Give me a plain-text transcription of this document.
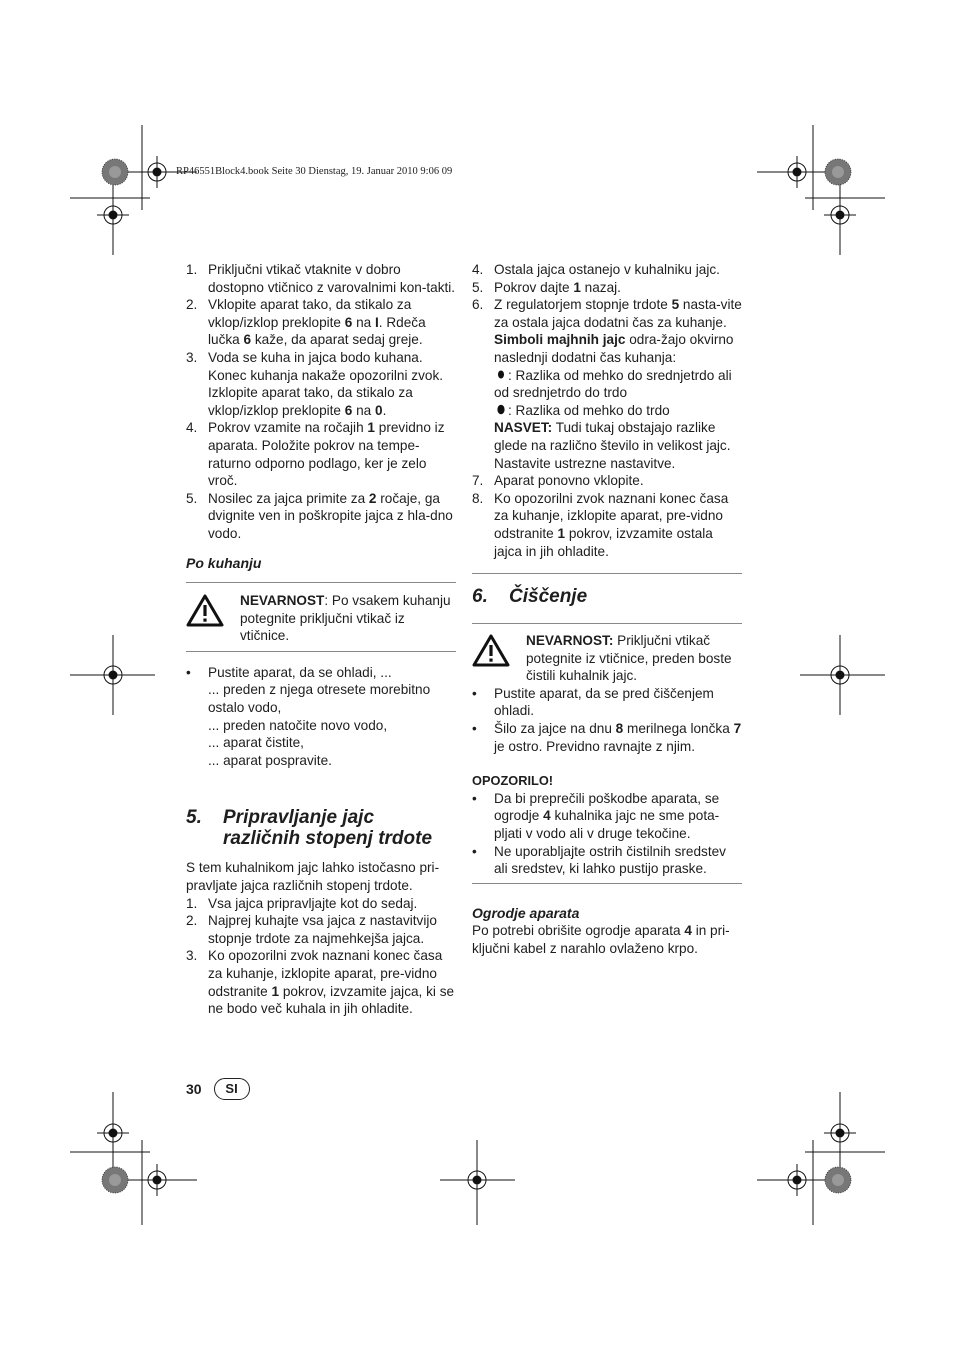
RP46551Block4.book Seite 30 Dienstag, 19. Januar 2010 9:06 09
1. Priključni vtikač vtaknite v dobro dostopno vtičnico z varovalnimi kon-takti.
2. Vklopite aparat tako, da stikalo za vklop/izklop preklopite 6 na I. Rdeča lučka 6 kaže, da aparat sedaj greje.
3. Voda se kuha in jajca bodo kuhana. Konec kuhanja nakaže opozorilni zvok. Izklopite aparat tako, da stikalo za vklop/izklop preklopite 6 na 0.
4. Pokrov vzamite na ročajih 1 previdno iz aparata. Položite pokrov na tempe-raturno odporno podlago, ker je zelo vroč.
5. Nosilec za jajca primite za 2 ročaje, ga dvignite ven in poškropite jajca z hla-dno vodo.

Po kuhanju

NEVARNOST: Po vsakem kuhanju potegnite priključni vtikač iz vtičnice.

• Pustite aparat, da se ohladi, ...

... preden z njega otresete morebitno ostalo vodo,

... preden natočite novo vodo,

... aparat čistite,

... aparat pospravite.

5. Pripravljanje jajc različnih stopenj trdote

S tem kuhalnikom jajc lahko istočasno pri-pravljate jajca različnih stopenj trdote.

1. Vsa jajca pripravljajte kot do sedaj.
2. Najprej kuhajte vsa jajca z nastavitvijo stopnje trdote za najmehkejša jajca.
3. Ko opozorilni zvok naznani konec časa za kuhanje, izklopite aparat, pre-vidno odstranite 1 pokrov, izvzamite jajca, ki se ne bodo več kuhala in jih ohladite.
4. Ostala jajca ostanejo v kuhalniku jajc.
5. Pokrov dajte 1 nazaj.
6. Z regulatorjem stopnje trdote 5 nasta-vite za ostala jajca dodatni čas za kuhanje. Simboli majhnih jajc odra-žajo okvirno naslednji dodatni čas kuhanja:

: Razlika od mehko do srednjetrdo ali od srednjetrdo do trdo

: Razlika od mehko do trdo

NASVET: Tudi tukaj obstajajo razlike glede na različno število in velikost jajc. Nastavite ustrezne nastavitve.

7. Aparat ponovno vklopite.
8. Ko opozorilni zvok naznani konec časa za kuhanje, izklopite aparat, pre-vidno odstranite 1 pokrov, izvzamite ostala jajca in jih ohladite.
6. Čiščenje

NEVARNOST: Priključni vtikač potegnite iz vtičnice, preden boste čistili kuhalnik jajc.

• Pustite aparat, da se pred čiščenjem ohladi.
• Šilo za jajce na dnu 8 merilnega lončka 7 je ostro. Previdno ravnajte z njim.

OPOZORILO!

• Da bi preprečili poškodbe aparata, se ogrodje 4 kuhalnika jajc ne sme pota-pljati v vodo ali v druge tekočine.
• Ne uporabljajte ostrih čistilnih sredstev ali sredstev, ki lahko pustijo praske.

Ogrodje aparata

Po potrebi obrišite ogrodje aparata 4 in pri-ključni kabel z narahlo ovlaženo krpo.

30	SI
